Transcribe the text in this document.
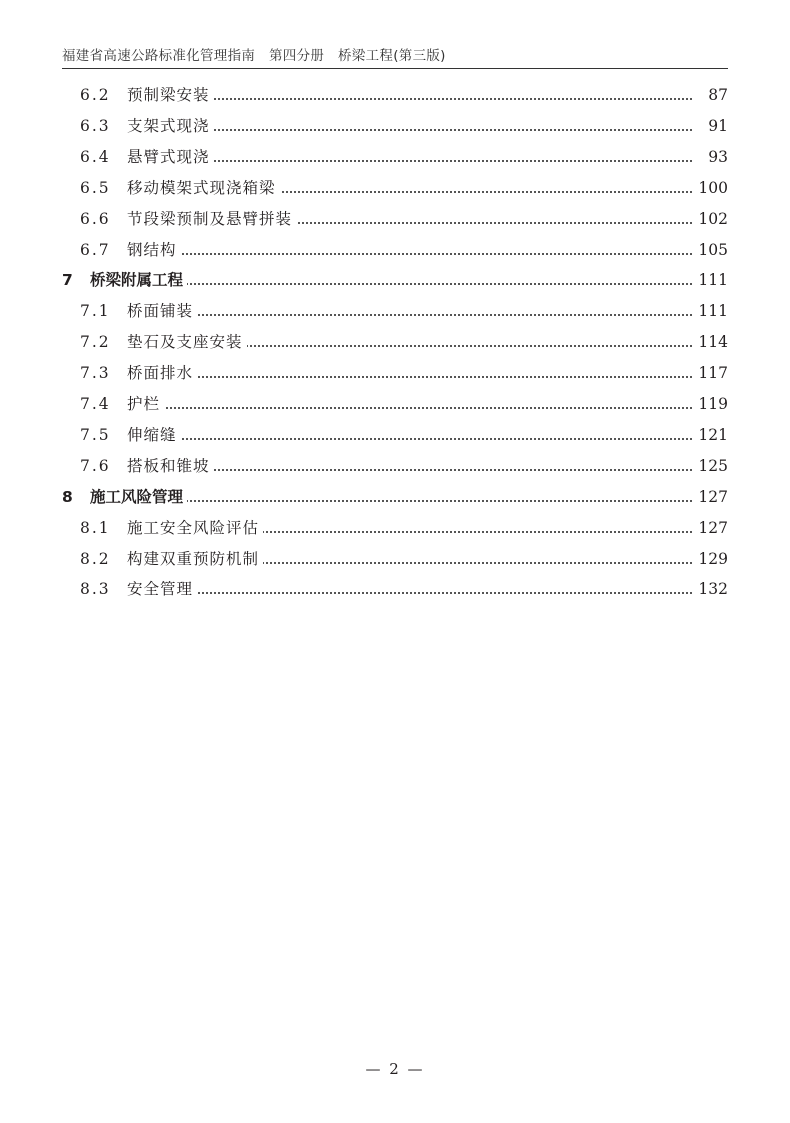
福建省高速公路标准化管理指南　第四分册　桥梁工程(第三版)
6.2 预制梁安装	87
6.3 支架式现浇	91
6.4 悬臂式现浇	93
6.5 移动模架式现浇箱梁	100
6.6 节段梁预制及悬臂拼装	102
6.7 钢结构	105
7 桥梁附属工程	111
7.1 桥面铺装	111
7.2 垫石及支座安装	114
7.3 桥面排水	117
7.4 护栏	119
7.5 伸缩缝	121
7.6 搭板和锥坡	125
8 施工风险管理	127
8.1 施工安全风险评估	127
8.2 构建双重预防机制	129
8.3 安全管理	132
— 2 —
